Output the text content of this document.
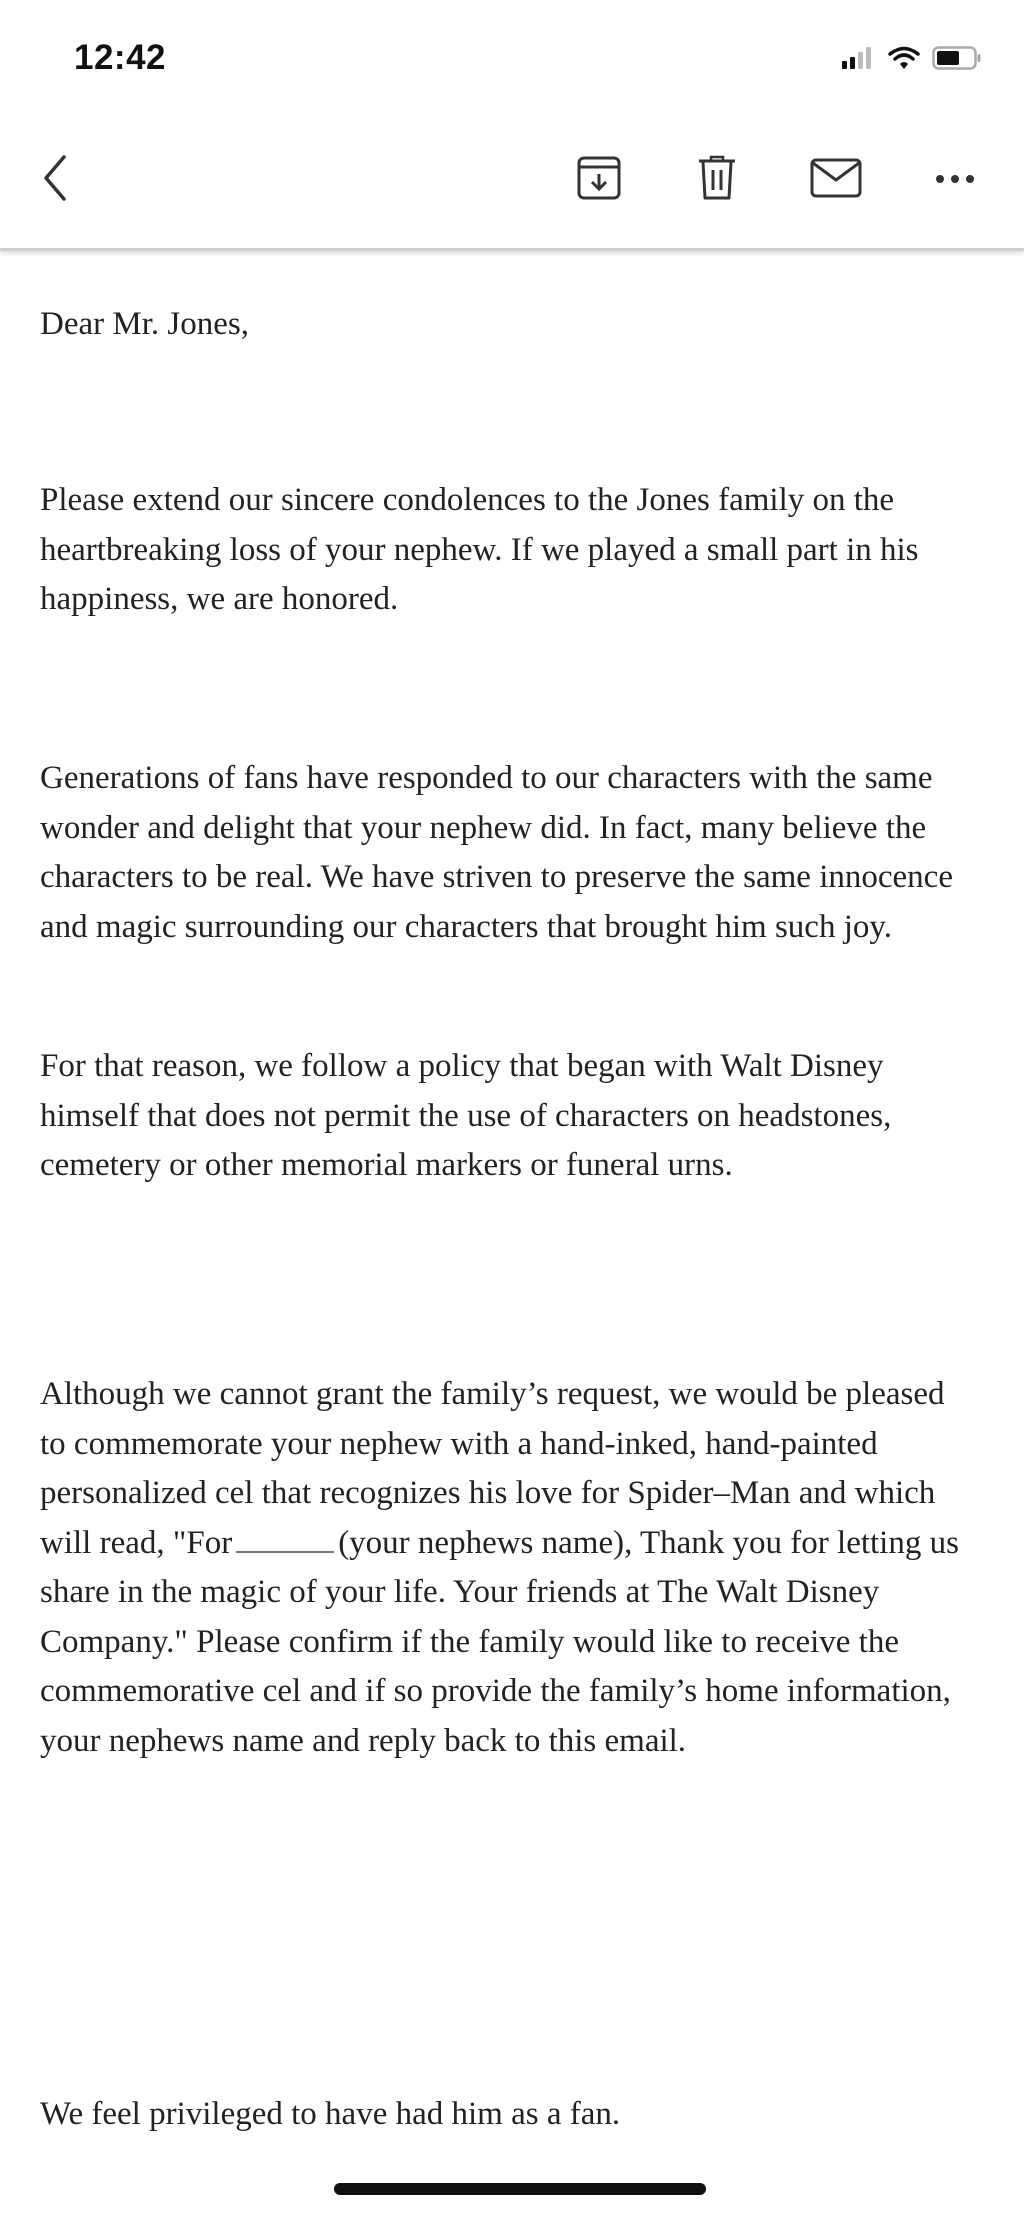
12:42

Dear Mr. Jones,

Please extend our sincere condolences to the Jones family on the heartbreaking loss of your nephew. If we played a small part in his happiness, we are honored.

Generations of fans have responded to our characters with the same wonder and delight that your nephew did. In fact, many believe the characters to be real. We have striven to preserve the same innocence and magic surrounding our characters that brought him such joy.

For that reason, we follow a policy that began with Walt Disney himself that does not permit the use of characters on headstones, cemetery or other memorial markers or funeral urns.

Although we cannot grant the family’s request, we would be pleased to commemorate your nephew with a hand-inked, hand-painted personalized cel that recognizes his love for Spider–Man and which will read, "For	(your nephews name), Thank you for letting us share in the magic of your life. Your friends at The Walt Disney Company." Please confirm if the family would like to receive the commemorative cel and if so provide the family’s home information, your nephews name and reply back to this email.

We feel privileged to have had him as a fan.
